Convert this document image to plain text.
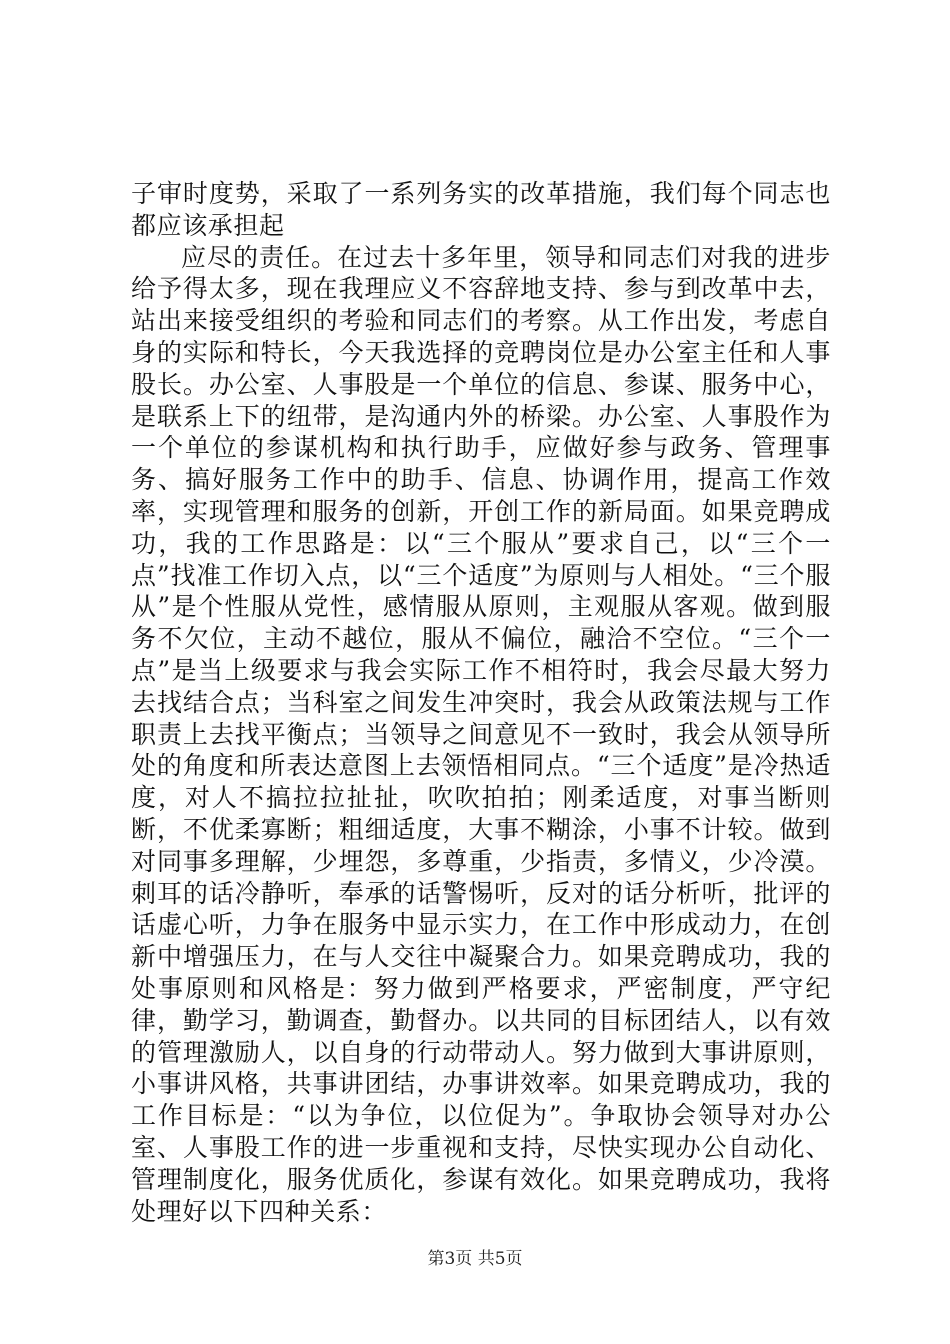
子审时度势，采取了一系列务实的改革措施，我们每个同志也都应该承担起

应尽的责任。在过去十多年里，领导和同志们对我的进步给予得太多，现在我理应义不容辞地支持、参与到改革中去，站出来接受组织的考验和同志们的考察。从工作出发，考虑自身的实际和特长，今天我选择的竞聘岗位是办公室主任和人事股长。办公室、人事股是一个单位的信息、参谋、服务中心，是联系上下的纽带，是沟通内外的桥梁。办公室、人事股作为一个单位的参谋机构和执行助手，应做好参与政务、管理事务、搞好服务工作中的助手、信息、协调作用，提高工作效率，实现管理和服务的创新，开创工作的新局面。如果竞聘成功，我的工作思路是：以“三个服从”要求自己，以“三个一点”找准工作切入点，以“三个适度”为原则与人相处。“三个服从”是个性服从党性，感情服从原则，主观服从客观。做到服务不欠位，主动不越位，服从不偏位，融洽不空位。“三个一点”是当上级要求与我会实际工作不相符时，我会尽最大努力去找结合点；当科室之间发生冲突时，我会从政策法规与工作职责上去找平衡点；当领导之间意见不一致时，我会从领导所处的角度和所表达意图上去领悟相同点。“三个适度”是冷热适度，对人不搞拉拉扯扯，吹吹拍拍；刚柔适度，对事当断则断，不优柔寡断；粗细适度，大事不糊涂，小事不计较。做到对同事多理解，少埋怨，多尊重，少指责，多情义，少冷漠。刺耳的话冷静听，奉承的话警惕听，反对的话分析听，批评的话虚心听，力争在服务中显示实力，在工作中形成动力，在创新中增强压力，在与人交往中凝聚合力。如果竞聘成功，我的处事原则和风格是：努力做到严格要求，严密制度，严守纪律，勤学习，勤调查，勤督办。以共同的目标团结人，以有效的管理激励人，以自身的行动带动人。努力做到大事讲原则，小事讲风格，共事讲团结，办事讲效率。如果竞聘成功，我的工作目标是：“以为争位，以位促为”。争取协会领导对办公室、人事股工作的进一步重视和支持，尽快实现办公自动化、管理制度化，服务优质化，参谋有效化。如果竞聘成功，我将处理好以下四种关系：

第3页 共5页
